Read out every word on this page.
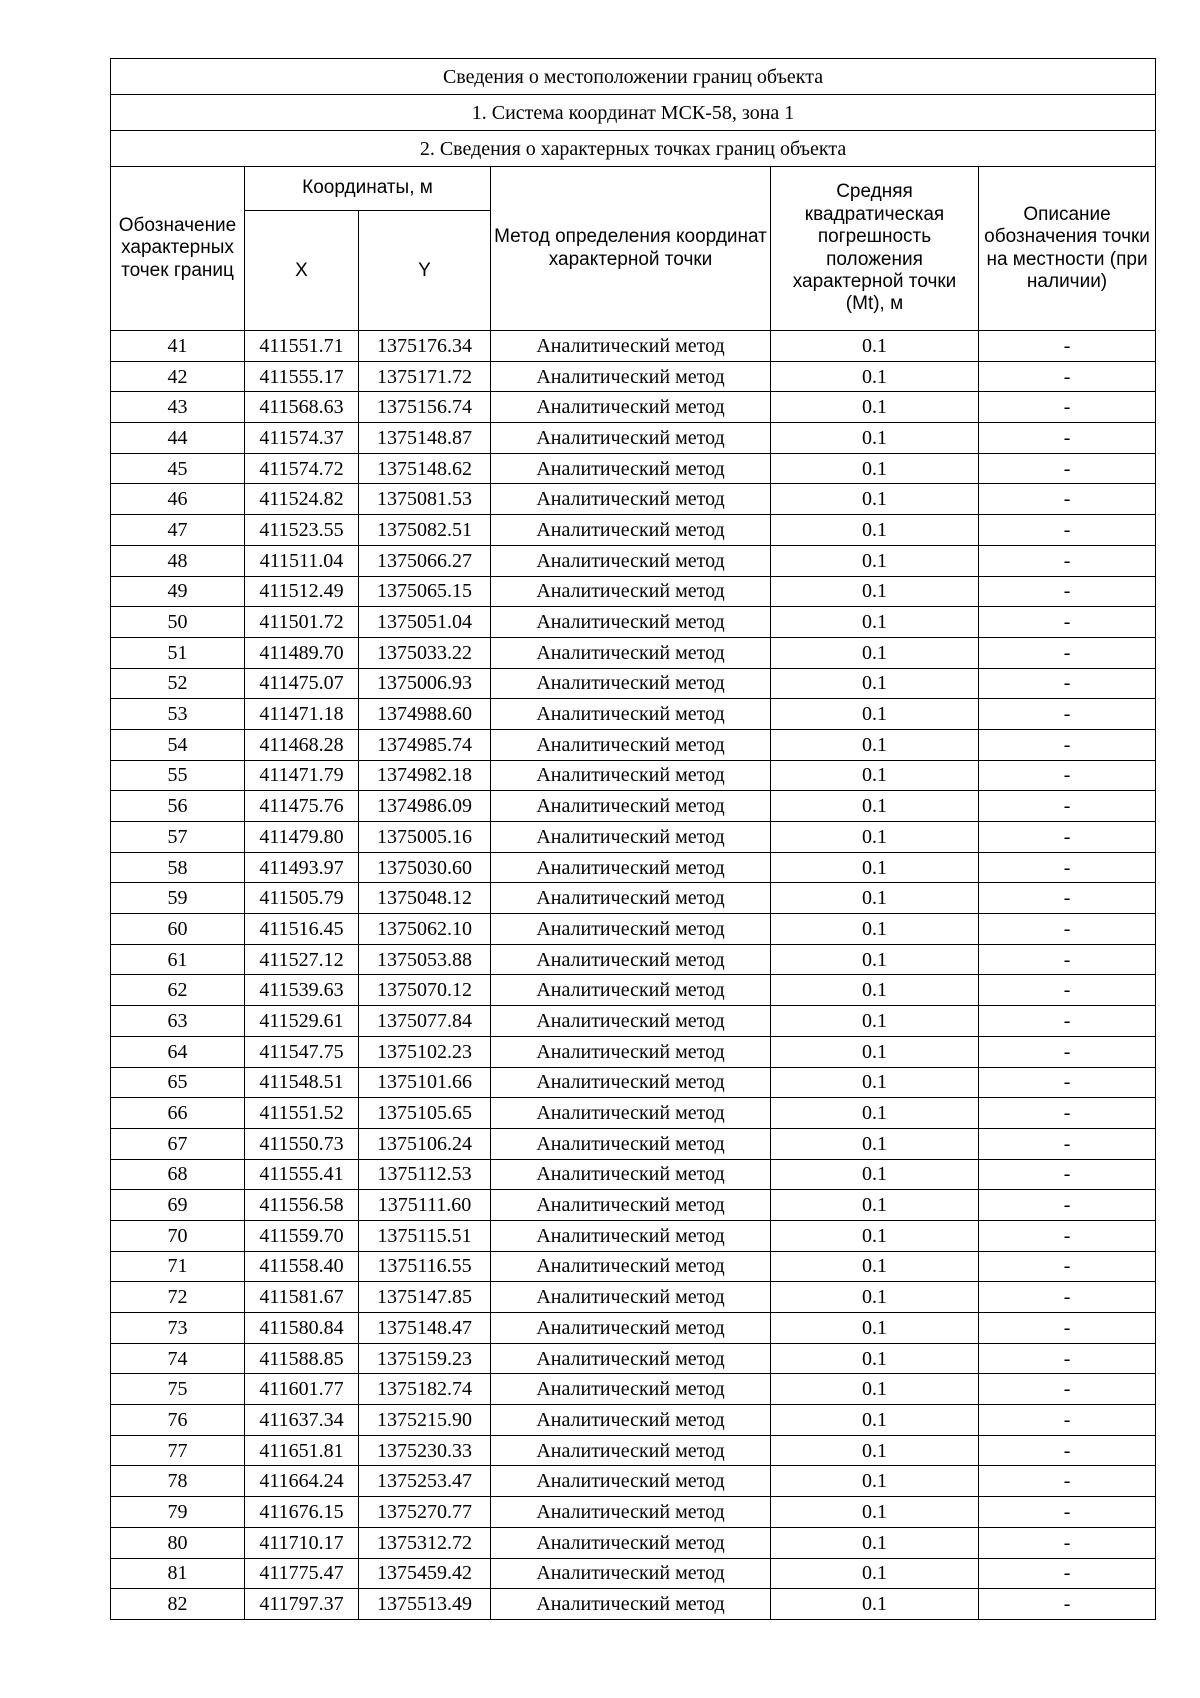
Сведения о местоположении границ объекта					
1. Система координат МСК-58, зона 1					
2. Сведения о характерных точках границ объекта					
Обозначение характерных точек границ	Координаты, м		Метод определения координат характерной точки	Средняя квадратическая погрешность положения характерной точки (Mt), м	Описание обозначения точки на местности (при наличии)
	X	Y			
41	411551.71	1375176.34	Аналитический метод	0.1	-
42	411555.17	1375171.72	Аналитический метод	0.1	-
43	411568.63	1375156.74	Аналитический метод	0.1	-
44	411574.37	1375148.87	Аналитический метод	0.1	-
45	411574.72	1375148.62	Аналитический метод	0.1	-
46	411524.82	1375081.53	Аналитический метод	0.1	-
47	411523.55	1375082.51	Аналитический метод	0.1	-
48	411511.04	1375066.27	Аналитический метод	0.1	-
49	411512.49	1375065.15	Аналитический метод	0.1	-
50	411501.72	1375051.04	Аналитический метод	0.1	-
51	411489.70	1375033.22	Аналитический метод	0.1	-
52	411475.07	1375006.93	Аналитический метод	0.1	-
53	411471.18	1374988.60	Аналитический метод	0.1	-
54	411468.28	1374985.74	Аналитический метод	0.1	-
55	411471.79	1374982.18	Аналитический метод	0.1	-
56	411475.76	1374986.09	Аналитический метод	0.1	-
57	411479.80	1375005.16	Аналитический метод	0.1	-
58	411493.97	1375030.60	Аналитический метод	0.1	-
59	411505.79	1375048.12	Аналитический метод	0.1	-
60	411516.45	1375062.10	Аналитический метод	0.1	-
61	411527.12	1375053.88	Аналитический метод	0.1	-
62	411539.63	1375070.12	Аналитический метод	0.1	-
63	411529.61	1375077.84	Аналитический метод	0.1	-
64	411547.75	1375102.23	Аналитический метод	0.1	-
65	411548.51	1375101.66	Аналитический метод	0.1	-
66	411551.52	1375105.65	Аналитический метод	0.1	-
67	411550.73	1375106.24	Аналитический метод	0.1	-
68	411555.41	1375112.53	Аналитический метод	0.1	-
69	411556.58	1375111.60	Аналитический метод	0.1	-
70	411559.70	1375115.51	Аналитический метод	0.1	-
71	411558.40	1375116.55	Аналитический метод	0.1	-
72	411581.67	1375147.85	Аналитический метод	0.1	-
73	411580.84	1375148.47	Аналитический метод	0.1	-
74	411588.85	1375159.23	Аналитический метод	0.1	-
75	411601.77	1375182.74	Аналитический метод	0.1	-
76	411637.34	1375215.90	Аналитический метод	0.1	-
77	411651.81	1375230.33	Аналитический метод	0.1	-
78	411664.24	1375253.47	Аналитический метод	0.1	-
79	411676.15	1375270.77	Аналитический метод	0.1	-
80	411710.17	1375312.72	Аналитический метод	0.1	-
81	411775.47	1375459.42	Аналитический метод	0.1	-
82	411797.37	1375513.49	Аналитический метод	0.1	-
